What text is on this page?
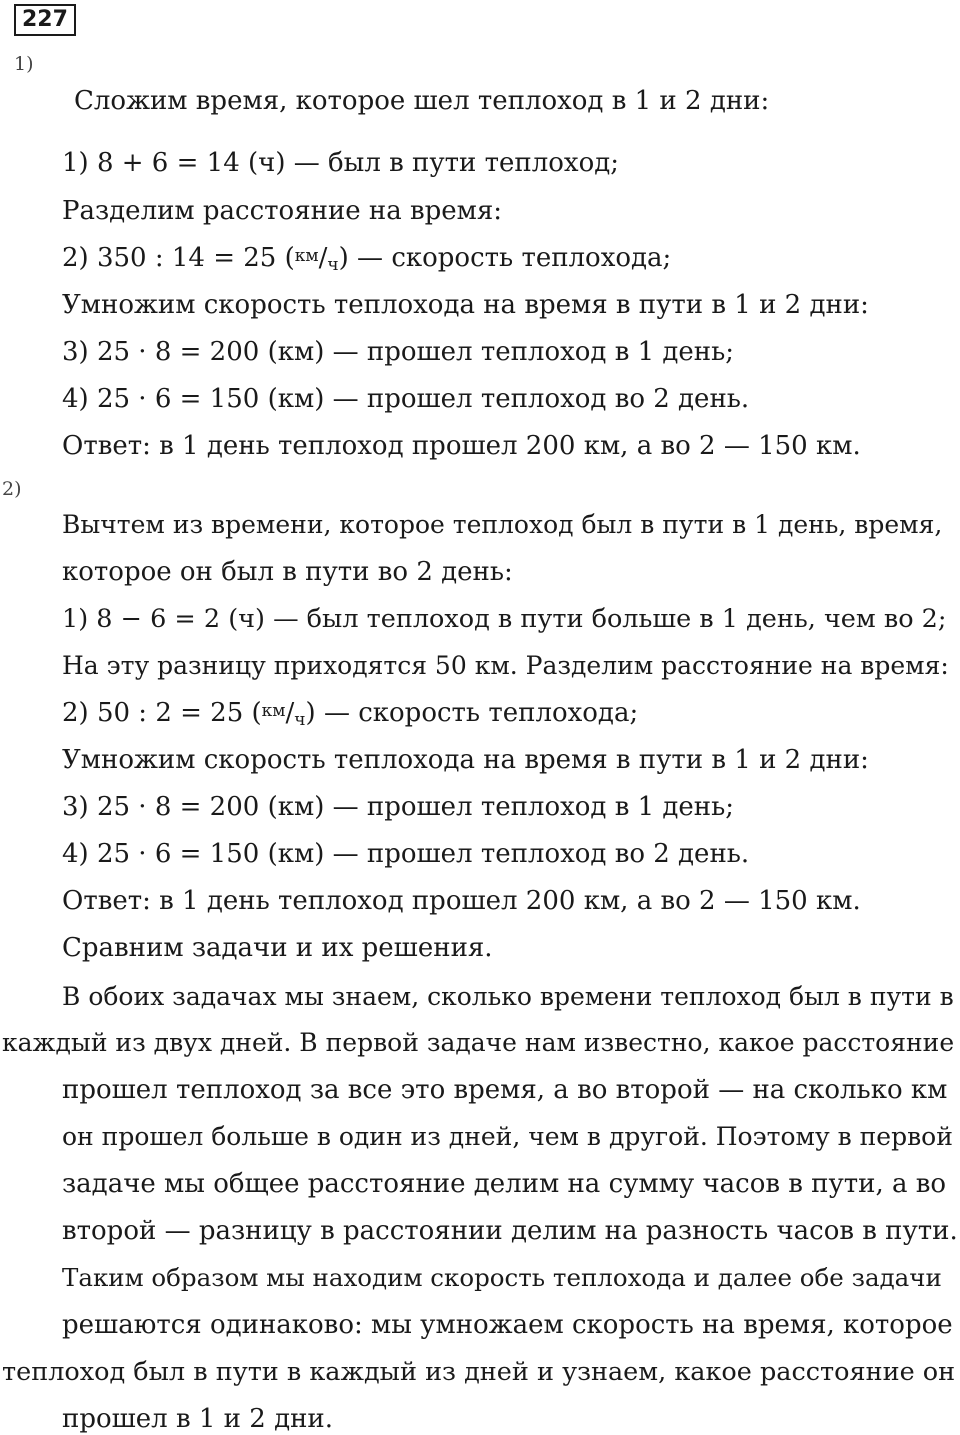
227
1)
Сложим время, которое шел теплоход в 1 и 2 дни:
1) 8 + 6 = 14 (ч) — был в пути теплоход;
Разделим расстояние на время:
2) 350 : 14 = 25 $(^{км}/_ч)$ — скорость теплохода;
Умножим скорость теплохода на время в пути в 1 и 2 дни:
3) 25 · 8 = 200 (км) — прошел теплоход в 1 день;
4) 25 · 6 = 150 (км) — прошел теплоход во 2 день.
Ответ: в 1 день теплоход прошел 200 км, а во 2 — 150 км.
2)
Вычтем из времени, которое теплоход был в пути в 1 день, время,
которое он был в пути во 2 день:
1) 8 − 6 = 2 (ч) — был теплоход в пути больше в 1 день, чем во 2;
На эту разницу приходятся 50 км. Разделим расстояние на время:
2) 50 : 2 = 25 $(^{км}/_ч)$ — скорость теплохода;
Умножим скорость теплохода на время в пути в 1 и 2 дни:
3) 25 · 8 = 200 (км) — прошел теплоход в 1 день;
4) 25 · 6 = 150 (км) — прошел теплоход во 2 день.
Ответ: в 1 день теплоход прошел 200 км, а во 2 — 150 км.
Сравним задачи и их решения.
В обоих задачах мы знаем, сколько времени теплоход был в пути в
каждый из двух дней. В первой задаче нам известно, какое расстояние
прошел теплоход за все это время, а во второй — на сколько км
он прошел больше в один из дней, чем в другой. Поэтому в первой
задаче мы общее расстояние делим на сумму часов в пути, а во
второй — разницу в расстоянии делим на разность часов в пути.
Таким образом мы находим скорость теплохода и далее обе задачи
решаются одинаково: мы умножаем скорость на время, которое
теплоход был в пути в каждый из дней и узнаем, какое расстояние он
прошел в 1 и 2 дни.
